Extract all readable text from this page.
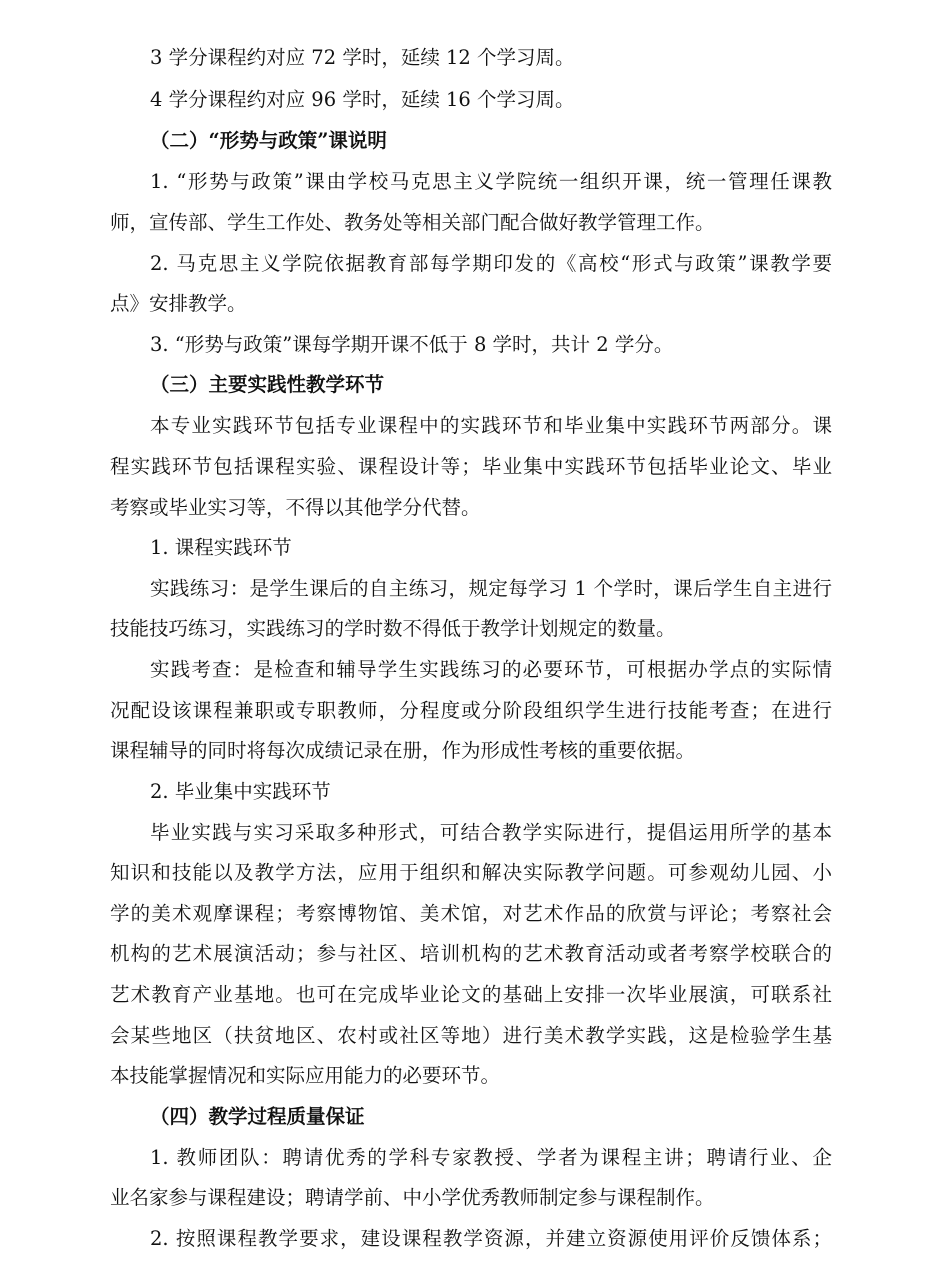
3 学分课程约对应 72 学时，延续 12 个学习周。
4 学分课程约对应 96 学时，延续 16 个学习周。
（二）“形势与政策”课说明
1. “形势与政策”课由学校马克思主义学院统一组织开课，统一管理任课教
师，宣传部、学生工作处、教务处等相关部门配合做好教学管理工作。
2. 马克思主义学院依据教育部每学期印发的《高校“形式与政策”课教学要
点》安排教学。
3. “形势与政策”课每学期开课不低于 8 学时，共计 2 学分。
（三）主要实践性教学环节
本专业实践环节包括专业课程中的实践环节和毕业集中实践环节两部分。课
程实践环节包括课程实验、课程设计等；毕业集中实践环节包括毕业论文、毕业
考察或毕业实习等，不得以其他学分代替。
1. 课程实践环节
实践练习：是学生课后的自主练习，规定每学习 1 个学时，课后学生自主进行
技能技巧练习，实践练习的学时数不得低于教学计划规定的数量。
实践考查：是检查和辅导学生实践练习的必要环节，可根据办学点的实际情
况配设该课程兼职或专职教师，分程度或分阶段组织学生进行技能考查；在进行
课程辅导的同时将每次成绩记录在册，作为形成性考核的重要依据。
2. 毕业集中实践环节
毕业实践与实习采取多种形式，可结合教学实际进行，提倡运用所学的基本
知识和技能以及教学方法，应用于组织和解决实际教学问题。可参观幼儿园、小
学的美术观摩课程；考察博物馆、美术馆，对艺术作品的欣赏与评论；考察社会
机构的艺术展演活动；参与社区、培训机构的艺术教育活动或者考察学校联合的
艺术教育产业基地。也可在完成毕业论文的基础上安排一次毕业展演，可联系社
会某些地区（扶贫地区、农村或社区等地）进行美术教学实践，这是检验学生基
本技能掌握情况和实际应用能力的必要环节。
（四）教学过程质量保证
1. 教师团队：聘请优秀的学科专家教授、学者为课程主讲；聘请行业、企
业名家参与课程建设；聘请学前、中小学优秀教师制定参与课程制作。
2. 按照课程教学要求，建设课程教学资源，并建立资源使用评价反馈体系；
